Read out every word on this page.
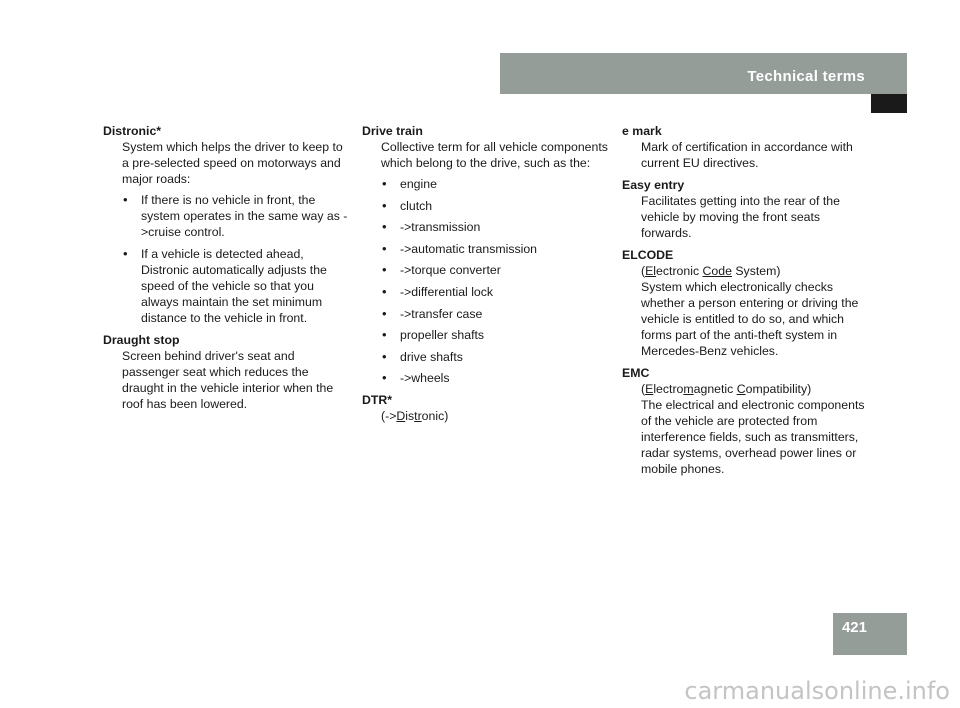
Technical terms
Distronic*
System which helps the driver to keep to a pre-selected speed on motorways and major roads:
• If there is no vehicle in front, the system operates in the same way as ->cruise control.
• If a vehicle is detected ahead, Distronic automatically adjusts the speed of the vehicle so that you always maintain the set minimum distance to the vehicle in front.
Draught stop
Screen behind driver's seat and passenger seat which reduces the draught in the vehicle interior when the roof has been lowered.
Drive train
Collective term for all vehicle components which belong to the drive, such as the:
• engine
• clutch
• ->transmission
• ->automatic transmission
• ->torque converter
• ->differential lock
• ->transfer case
• propeller shafts
• drive shafts
• ->wheels
DTR*
(->Distronic)
e mark
Mark of certification in accordance with current EU directives.
Easy entry
Facilitates getting into the rear of the vehicle by moving the front seats forwards.
ELCODE
(Electronic Code System)
System which electronically checks whether a person entering or driving the vehicle is entitled to do so, and which forms part of the anti-theft system in Mercedes-Benz vehicles.
EMC
(Electromagnetic Compatibility)
The electrical and electronic components of the vehicle are protected from interference fields, such as transmitters, radar systems, overhead power lines or mobile phones.
421
carmanualsonline.info
